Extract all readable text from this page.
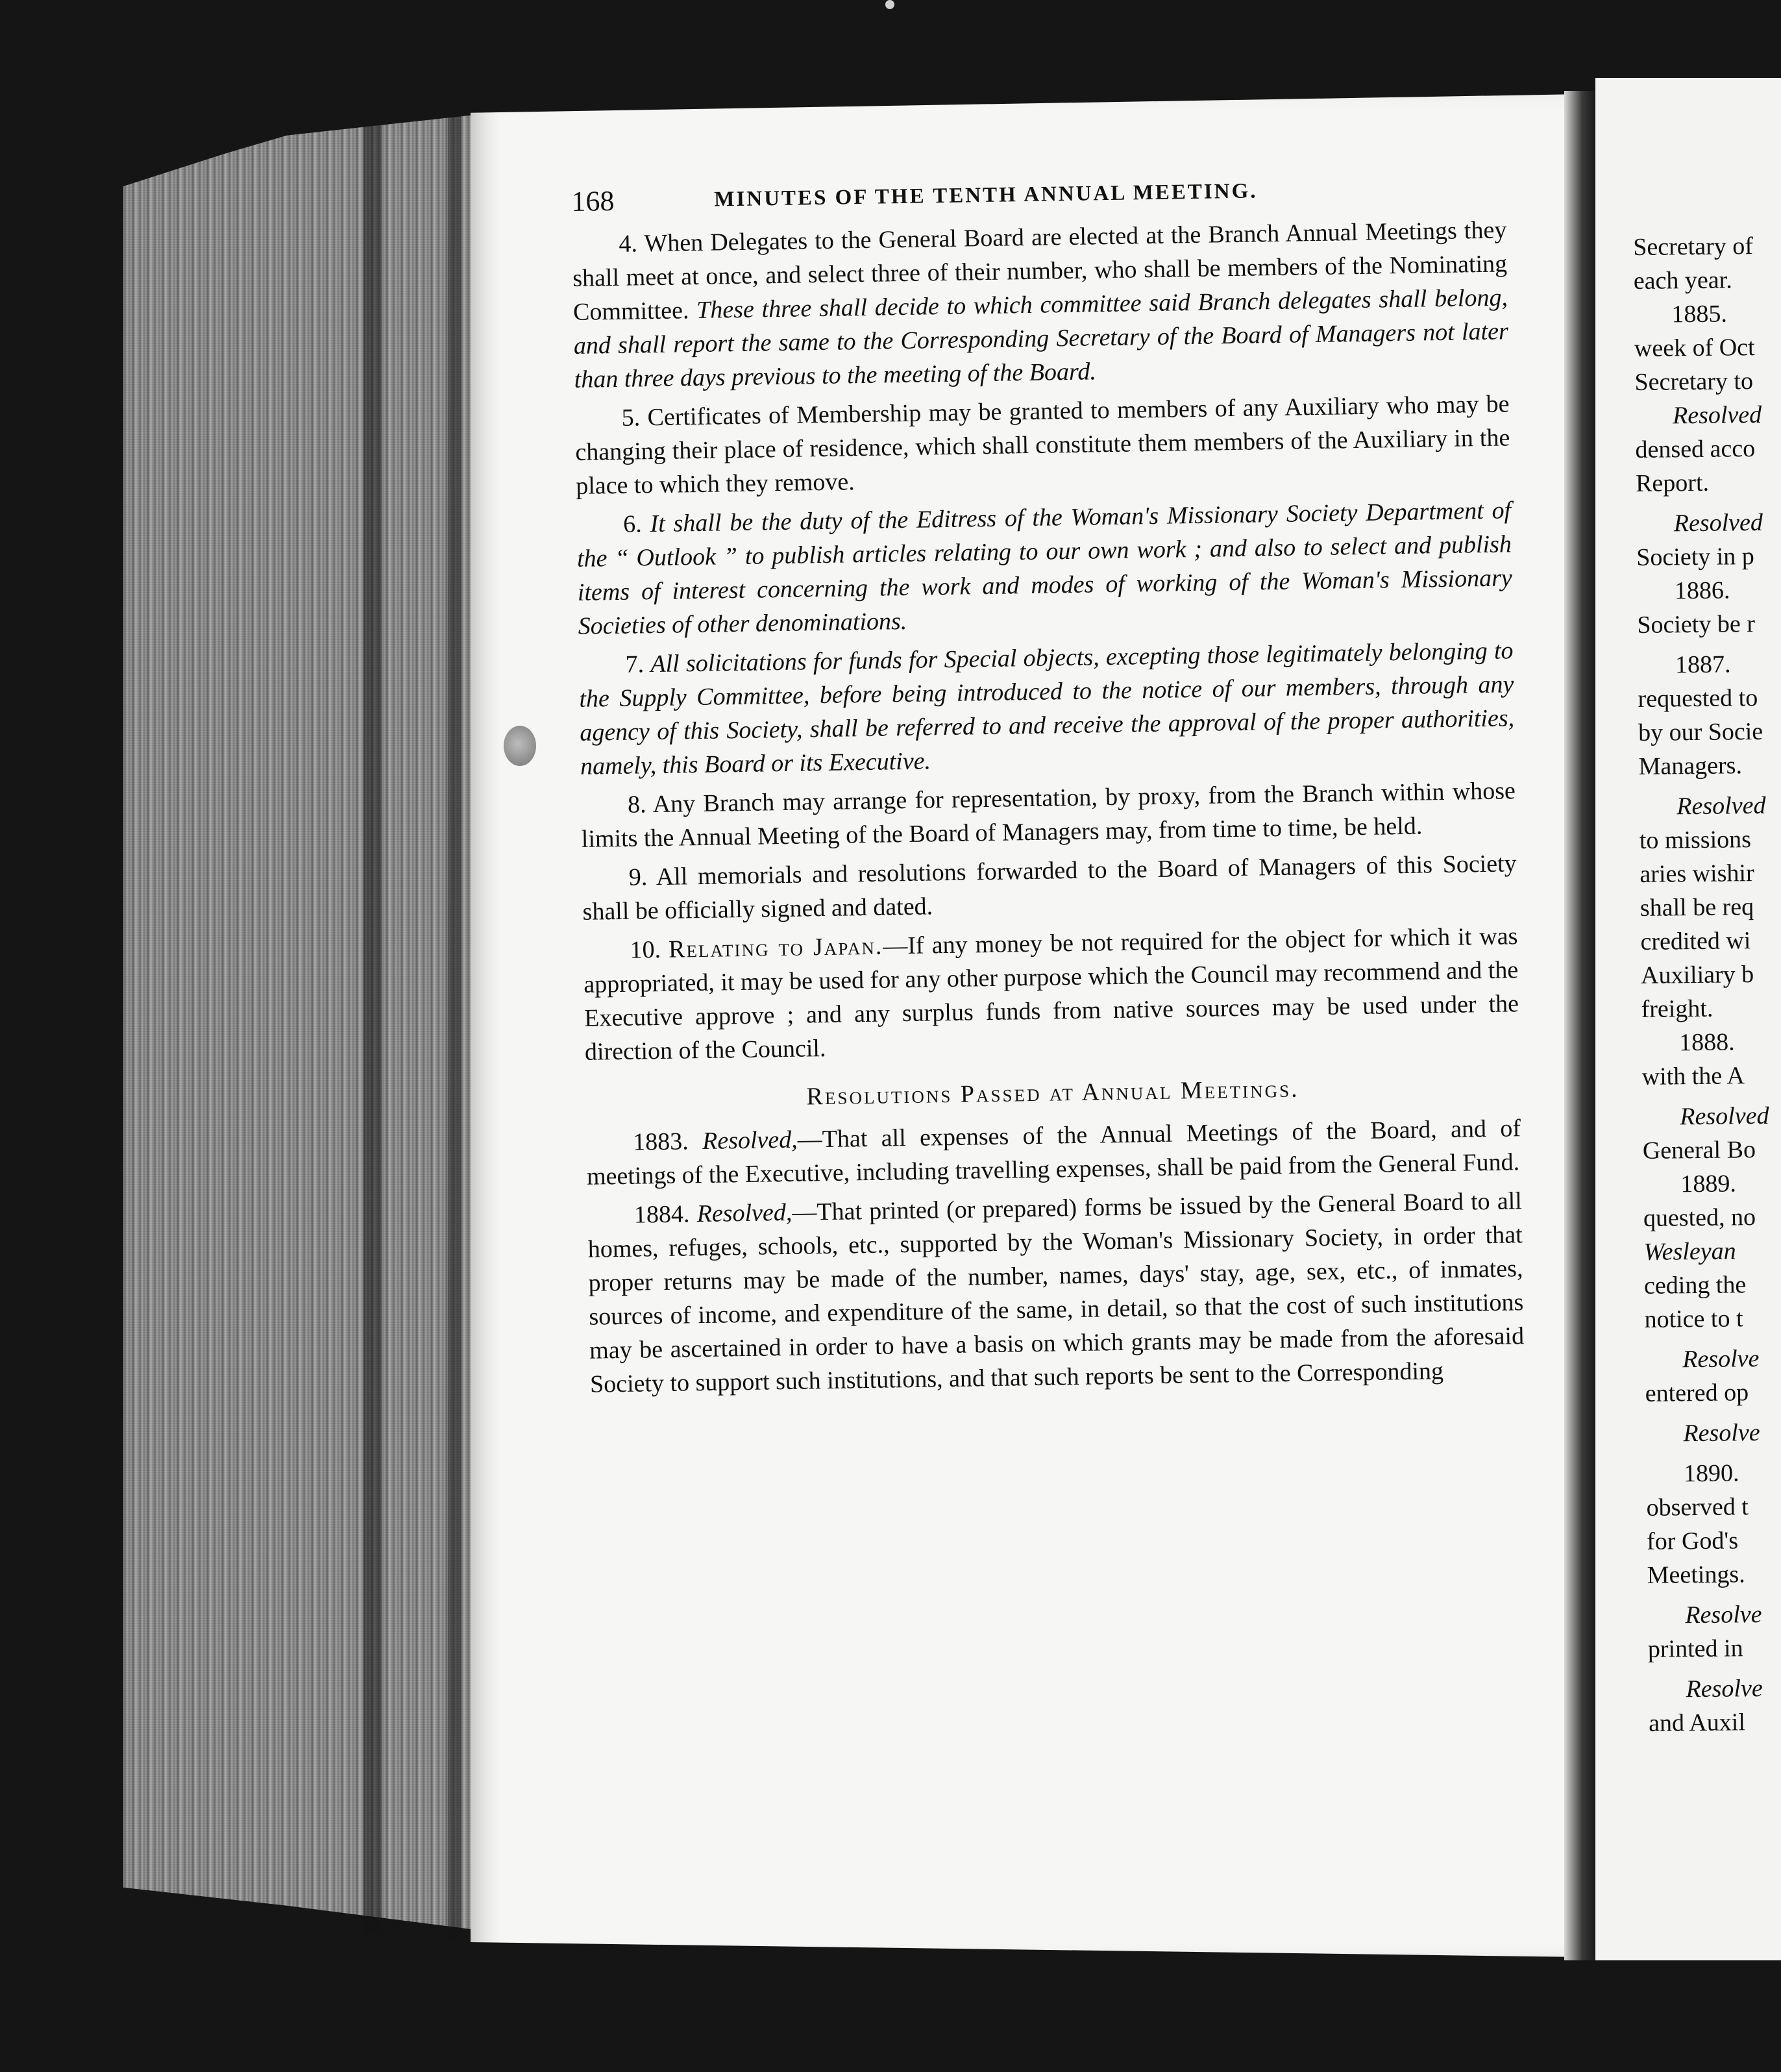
168	MINUTES OF THE TENTH ANNUAL MEETING.

4. When Delegates to the General Board are elected at the Branch Annual Meetings they shall meet at once, and select three of their number, who shall be members of the Nominating Committee. These three shall decide to which committee said Branch delegates shall belong, and shall report the same to the Corresponding Secretary of the Board of Managers not later than three days previous to the meeting of the Board.

5. Certificates of Membership may be granted to members of any Auxiliary who may be changing their place of residence, which shall constitute them members of the Auxiliary in the place to which they remove.

6. It shall be the duty of the Editress of the Woman's Missionary Society Department of the “ Outlook ” to publish articles relating to our own work ; and also to select and publish items of interest concerning the work and modes of working of the Woman's Missionary Societies of other denominations.

7. All solicitations for funds for Special objects, excepting those legitimately belonging to the Supply Committee, before being introduced to the notice of our members, through any agency of this Society, shall be referred to and receive the approval of the proper authorities, namely, this Board or its Executive.

8. Any Branch may arrange for representation, by proxy, from the Branch within whose limits the Annual Meeting of the Board of Managers may, from time to time, be held.

9. All memorials and resolutions forwarded to the Board of Managers of this Society shall be officially signed and dated.

10. Relating to Japan.—If any money be not required for the object for which it was appropriated, it may be used for any other purpose which the Council may recommend and the Executive approve ; and any surplus funds from native sources may be used under the direction of the Council.

Resolutions Passed at Annual Meetings.

1883. Resolved,—That all expenses of the Annual Meetings of the Board, and of meetings of the Executive, including travelling expenses, shall be paid from the General Fund.

1884. Resolved,—That printed (or prepared) forms be issued by the General Board to all homes, refuges, schools, etc., supported by the Woman's Missionary Society, in order that proper returns may be made of the number, names, days' stay, age, sex, etc., of inmates, sources of income, and expenditure of the same, in detail, so that the cost of such institutions may be ascertained in order to have a basis on which grants may be made from the aforesaid Society to support such institutions, and that such reports be sent to the Corresponding

Secretary of
each year.
1885.
week of Oct
Secretary to
Resolved
densed acco
Report.
Resolved
Society in p
1886.
Society be r
1887.
requested to
by our Socie
Managers.
Resolved
to missions
aries wishir
shall be req
credited wi
Auxiliary b
freight.
1888.
with the A
Resolved
General Bo
1889.
quested, no
Wesleyan
ceding the
notice to t
Resolve
entered op
Resolve
1890.
observed t
for God's
Meetings.
Resolve
printed in
Resolve
and Auxil
